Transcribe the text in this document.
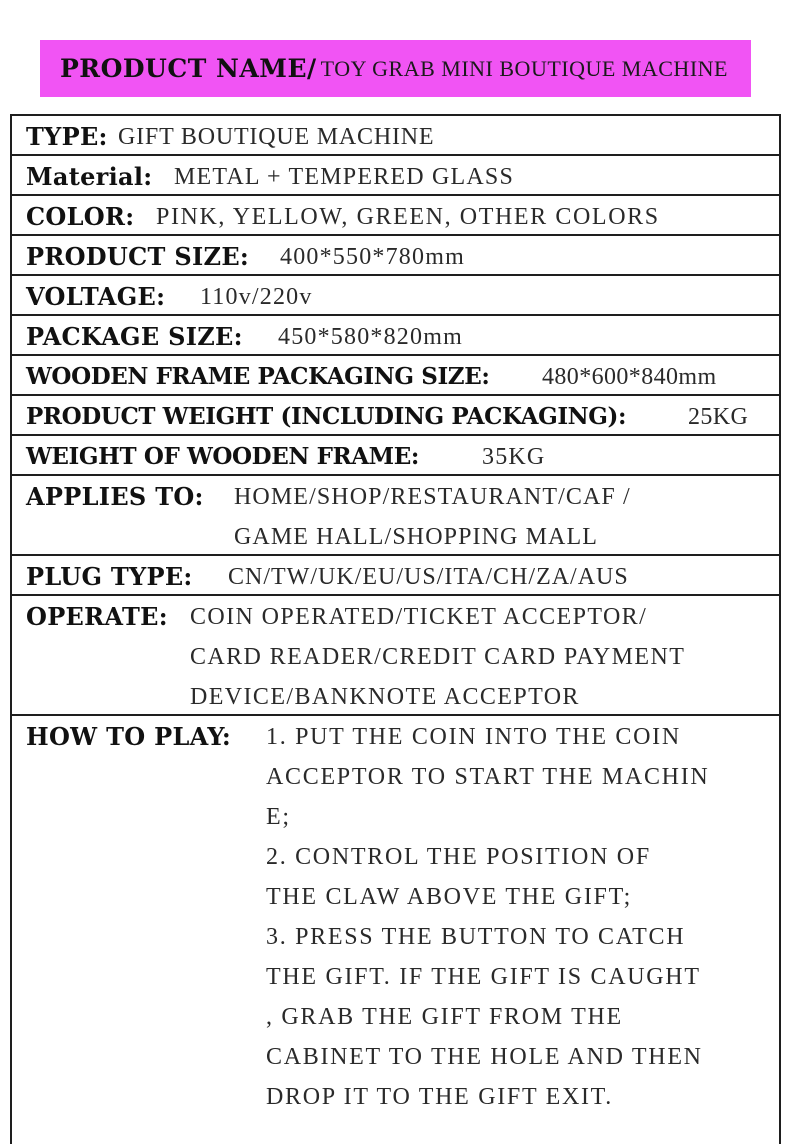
PRODUCT NAME/ TOY GRAB MINI BOUTIQUE MACHINE
TYPE: GIFT BOUTIQUE MACHINE
Material: METAL + TEMPERED GLASS
COLOR: PINK, YELLOW, GREEN, OTHER COLORS
PRODUCT SIZE: 400*550*780mm
VOLTAGE: 110v/220v
PACKAGE SIZE: 450*580*820mm
WOODEN FRAME PACKAGING SIZE: 480*600*840mm
PRODUCT WEIGHT (INCLUDING PACKAGING):	25KG
WEIGHT OF WOODEN FRAME:	35KG
APPLIES TO: HOME/SHOP/RESTAURANT/CAF /
GAME HALL/SHOPPING MALL
PLUG TYPE: CN/TW/UK/EU/US/ITA/CH/ZA/AUS
OPERATE: COIN OPERATED/TICKET ACCEPTOR/
CARD READER/CREDIT CARD PAYMENT
DEVICE/BANKNOTE ACCEPTOR
HOW TO PLAY: 1. PUT THE COIN INTO THE COIN
ACCEPTOR TO START THE MACHIN
E;
2. CONTROL THE POSITION OF
THE CLAW ABOVE THE GIFT;
3. PRESS THE BUTTON TO CATCH
THE GIFT. IF THE GIFT IS CAUGHT
, GRAB THE GIFT FROM THE
CABINET TO THE HOLE AND THEN
DROP IT TO THE GIFT EXIT.
